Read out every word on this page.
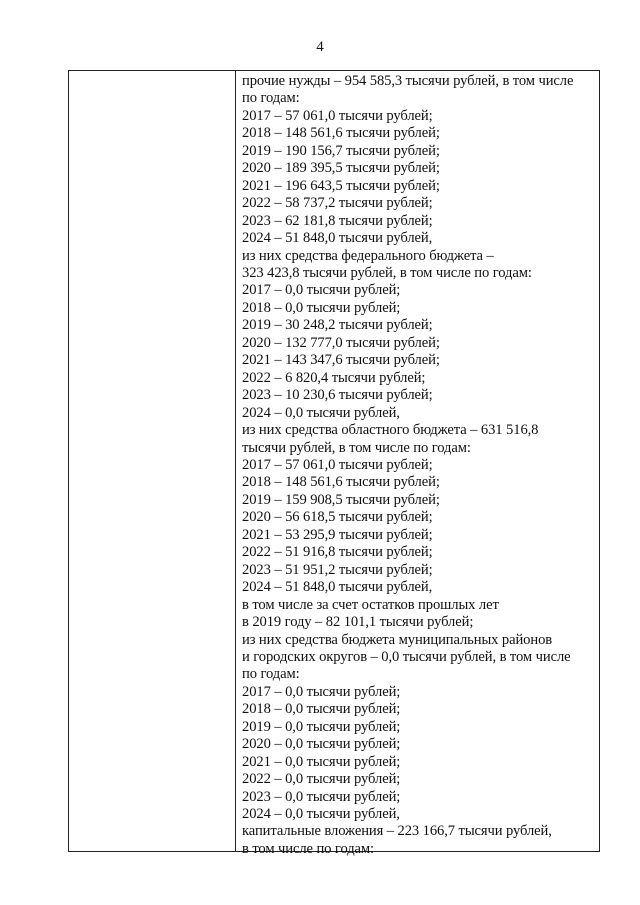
4
прочие нужды – 954 585,3 тысячи рублей, в том числе
по годам:
2017 – 57 061,0 тысячи рублей;
2018 – 148 561,6 тысячи рублей;
2019 – 190 156,7 тысячи рублей;
2020 – 189 395,5 тысячи рублей;
2021 – 196 643,5 тысячи рублей;
2022 – 58 737,2 тысячи рублей;
2023 – 62 181,8 тысячи рублей;
2024 – 51 848,0 тысячи рублей,
из них средства федерального бюджета –
323 423,8 тысячи рублей, в том числе по годам:
2017 – 0,0 тысячи рублей;
2018 – 0,0 тысячи рублей;
2019 – 30 248,2 тысячи рублей;
2020 – 132 777,0 тысячи рублей;
2021 – 143 347,6 тысячи рублей;
2022 – 6 820,4 тысячи рублей;
2023 – 10 230,6 тысячи рублей;
2024 – 0,0 тысячи рублей,
из них средства областного бюджета – 631 516,8
тысячи рублей, в том числе по годам:
2017 – 57 061,0 тысячи рублей;
2018 – 148 561,6 тысячи рублей;
2019 – 159 908,5 тысячи рублей;
2020 – 56 618,5 тысячи рублей;
2021 – 53 295,9 тысячи рублей;
2022 – 51 916,8 тысячи рублей;
2023 – 51 951,2 тысячи рублей;
2024 – 51 848,0 тысячи рублей,
в том числе за счет остатков прошлых лет
в 2019 году – 82 101,1 тысячи рублей;
из них средства бюджета муниципальных районов
и городских округов – 0,0 тысячи рублей, в том числе
по годам:
2017 – 0,0 тысячи рублей;
2018 – 0,0 тысячи рублей;
2019 – 0,0 тысячи рублей;
2020 – 0,0 тысячи рублей;
2021 – 0,0 тысячи рублей;
2022 – 0,0 тысячи рублей;
2023 – 0,0 тысячи рублей;
2024 – 0,0 тысячи рублей,
капитальные вложения – 223 166,7 тысячи рублей,
в том числе по годам:
